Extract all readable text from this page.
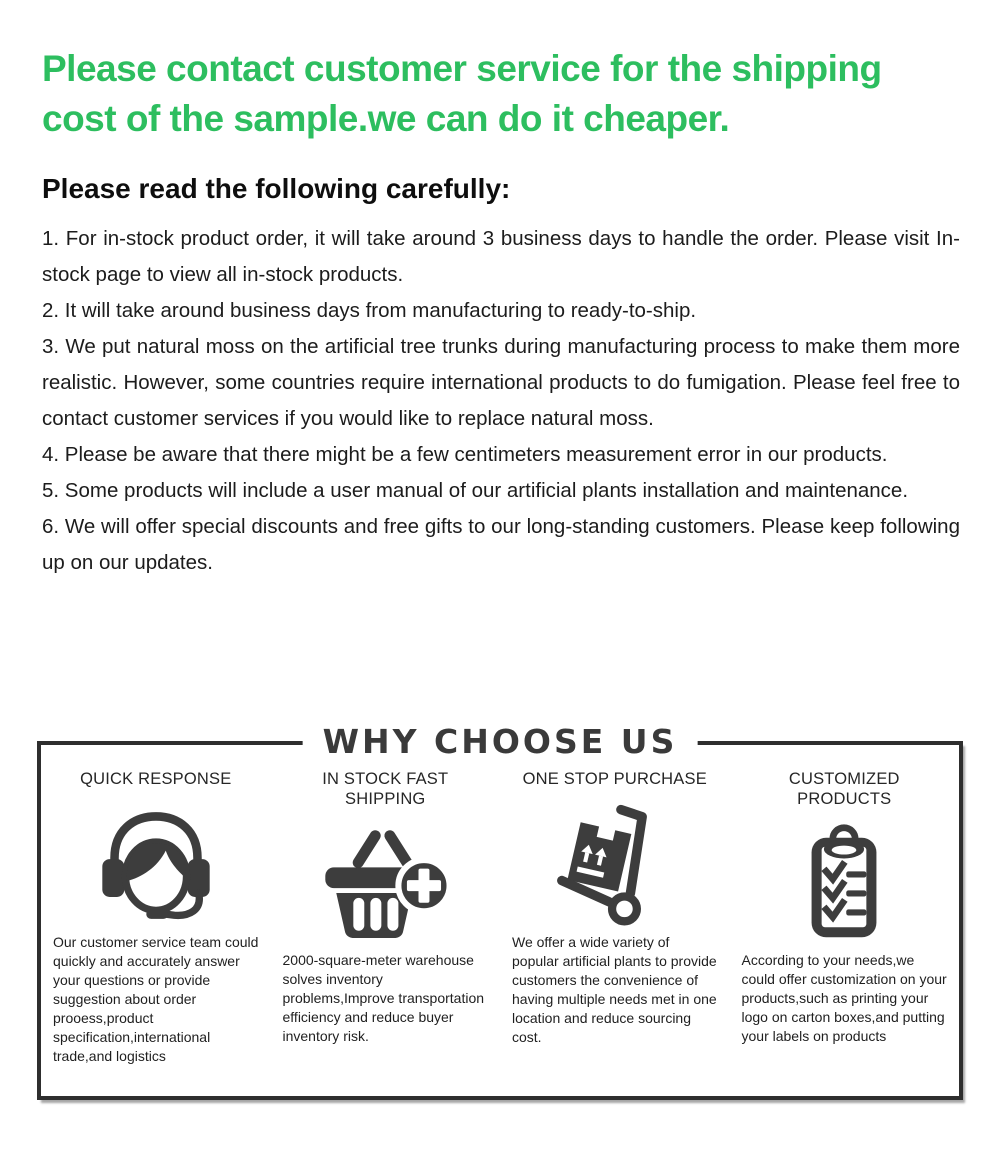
Please contact customer service for the shipping
cost of the sample.we can do it cheaper.
Please read the following carefully:

1. For in-stock product order, it will take around 3 business days to handle the order. Please visit In-stock page to view all in-stock products.

2. It will take around business days from manufacturing to ready-to-ship.

3. We put natural moss on the artificial tree trunks during manufacturing process to make them more realistic. However, some countries require international products to do fumigation. Please feel free to contact customer services if you would like to replace natural moss.

4. Please be aware that there might be a few centimeters measurement error in our products.

5. Some products will include a user manual of our artificial plants installation and maintenance.

6. We will offer special discounts and free gifts to our long-standing customers. Please keep following up on our updates.

WHY CHOOSE US
QUICK RESPONSE
Our customer service team could quickly and accurately answer your questions or provide suggestion about order prooess,product specification,international trade,and logistics
IN STOCK FAST SHIPPING
2000-square-meter warehouse solves inventory problems,Improve transportation efficiency and reduce buyer inventory risk.
ONE STOP PURCHASE
We offer a wide variety of popular artificial plants to provide customers the convenience of having multiple needs met in one location and reduce sourcing cost.
CUSTOMIZED PRODUCTS
According to your needs,we could offer customization on your products,such as printing your logo on carton boxes,and putting your labels on products
